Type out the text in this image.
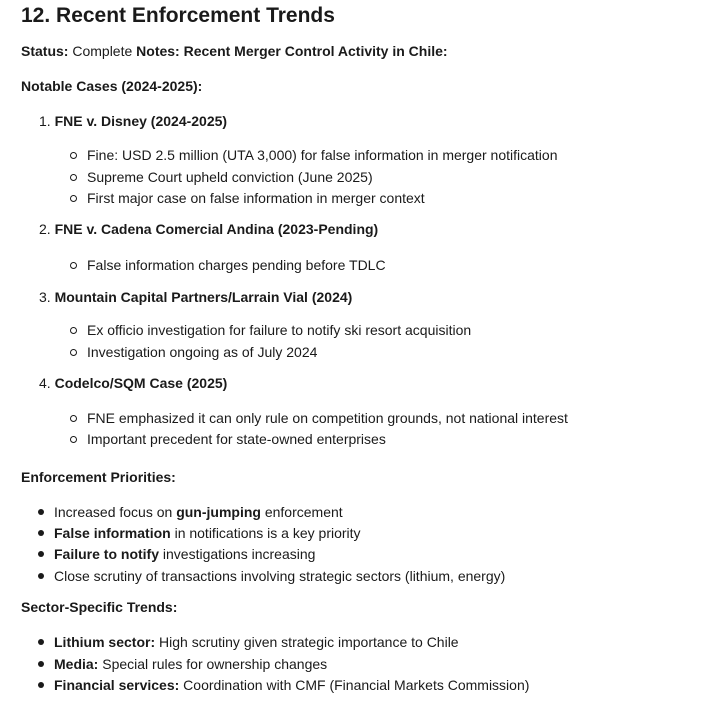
12. Recent Enforcement Trends
Status: Complete Notes: Recent Merger Control Activity in Chile:
Notable Cases (2024-2025):
1. FNE v. Disney (2024-2025)
Fine: USD 2.5 million (UTA 3,000) for false information in merger notification
Supreme Court upheld conviction (June 2025)
First major case on false information in merger context
2. FNE v. Cadena Comercial Andina (2023-Pending)
False information charges pending before TDLC
3. Mountain Capital Partners/Larrain Vial (2024)
Ex officio investigation for failure to notify ski resort acquisition
Investigation ongoing as of July 2024
4. Codelco/SQM Case (2025)
FNE emphasized it can only rule on competition grounds, not national interest
Important precedent for state-owned enterprises
Enforcement Priorities:
Increased focus on gun-jumping enforcement
False information in notifications is a key priority
Failure to notify investigations increasing
Close scrutiny of transactions involving strategic sectors (lithium, energy)
Sector-Specific Trends:
Lithium sector: High scrutiny given strategic importance to Chile
Media: Special rules for ownership changes
Financial services: Coordination with CMF (Financial Markets Commission)
